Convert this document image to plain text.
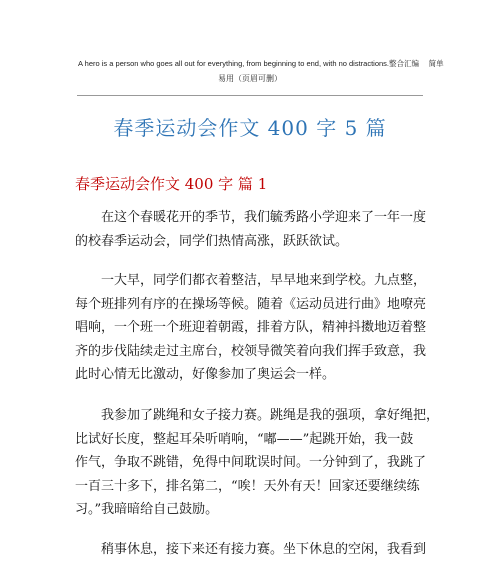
A hero is a person who goes all out for everything, from beginning to end, with no distractions.整合汇编　 简单
易用（页眉可删）
春季运动会作文 400 字 5 篇
春季运动会作文 400 字 篇 1
在这个春暖花开的季节，我们毓秀路小学迎来了一年一度
的校春季运动会，同学们热情高涨，跃跃欲试。
一大早，同学们都衣着整洁，早早地来到学校。九点整，
每个班排列有序的在操场等候。随着《运动员进行曲》地嘹亮
唱响，一个班一个班迎着朝霞，排着方队，精神抖擞地迈着整
齐的步伐陆续走过主席台，校领导微笑着向我们挥手致意，我
此时心情无比激动，好像参加了奥运会一样。
我参加了跳绳和女子接力赛。跳绳是我的强项，拿好绳把，
比试好长度，整起耳朵听哨响，“嘟——”起跳开始，我一鼓
作气，争取不跳错，免得中间耽误时间。一分钟到了，我跳了
一百三十多下，排名第二，“唉！天外有天！回家还要继续练
习。”我暗暗给自己鼓励。
稍事休息，接下来还有接力赛。坐下休息的空闲，我看到
